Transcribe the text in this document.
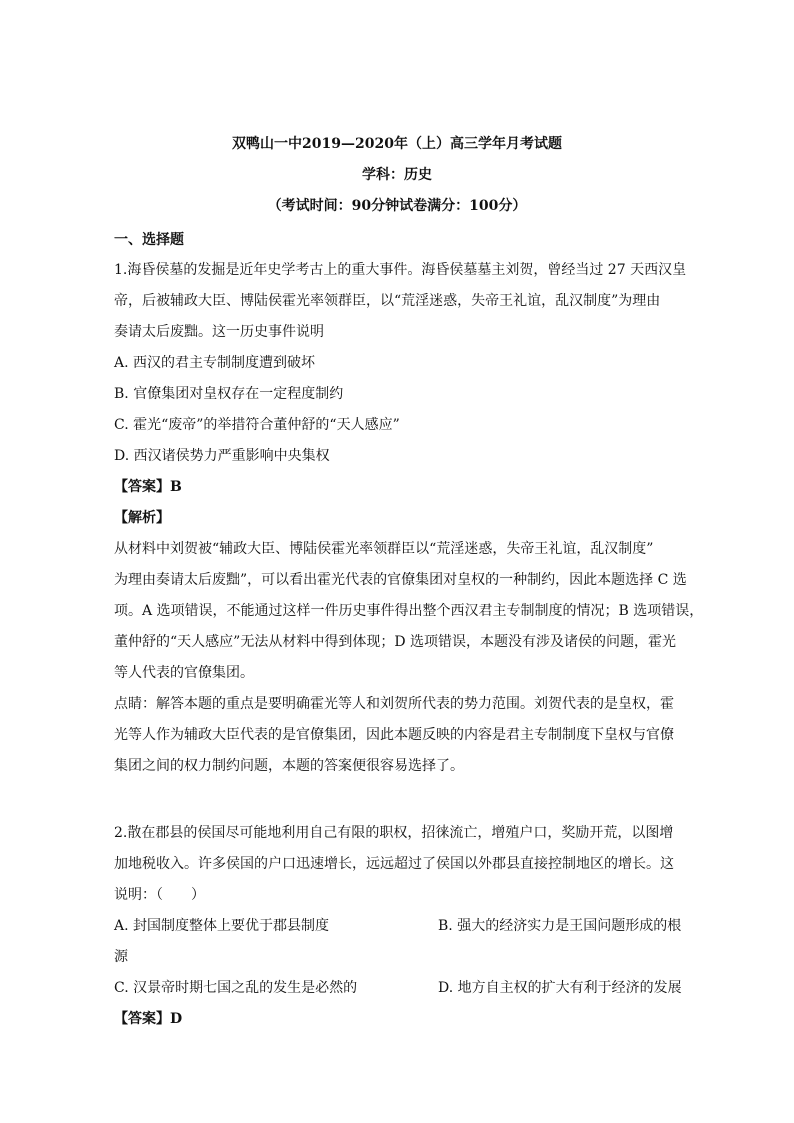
双鸭山一中2019—2020年（上）高三学年月考试题
学科：历史
（考试时间：90分钟试卷满分：100分）
一、选择题
1.海昏侯墓的发掘是近年史学考古上的重大事件。海昏侯墓墓主刘贺，曾经当过 27 天西汉皇
帝，后被辅政大臣、博陆侯霍光率领群臣，以“荒淫迷惑，失帝王礼谊，乱汉制度”为理由
奏请太后废黜。这一历史事件说明
A. 西汉的君主专制制度遭到破坏
B. 官僚集团对皇权存在一定程度制约
C. 霍光“废帝”的举措符合董仲舒的“天人感应”
D. 西汉诸侯势力严重影响中央集权
【答案】B
【解析】
从材料中刘贺被“辅政大臣、博陆侯霍光率领群臣以“荒淫迷惑，失帝王礼谊，乱汉制度”
为理由奏请太后废黜”，可以看出霍光代表的官僚集团对皇权的一种制约，因此本题选择 C 选
项。A 选项错误，不能通过这样一件历史事件得出整个西汉君主专制制度的情况；B 选项错误，
董仲舒的“天人感应”无法从材料中得到体现；D 选项错误，本题没有涉及诸侯的问题，霍光
等人代表的官僚集团。
点睛：解答本题的重点是要明确霍光等人和刘贺所代表的势力范围。刘贺代表的是皇权，霍
光等人作为辅政大臣代表的是官僚集团，因此本题反映的内容是君主专制制度下皇权与官僚
集团之间的权力制约问题，本题的答案便很容易选择了。
2.散在郡县的侯国尽可能地利用自己有限的职权，招徕流亡，增殖户口，奖励开荒，以图增
加地税收入。许多侯国的户口迅速增长，远远超过了侯国以外郡县直接控制地区的增长。这
说明：（　　）
A. 封国制度整体上要优于郡县制度	B. 强大的经济实力是王国问题形成的根
源
C. 汉景帝时期七国之乱的发生是必然的	D. 地方自主权的扩大有利于经济的发展
【答案】D
